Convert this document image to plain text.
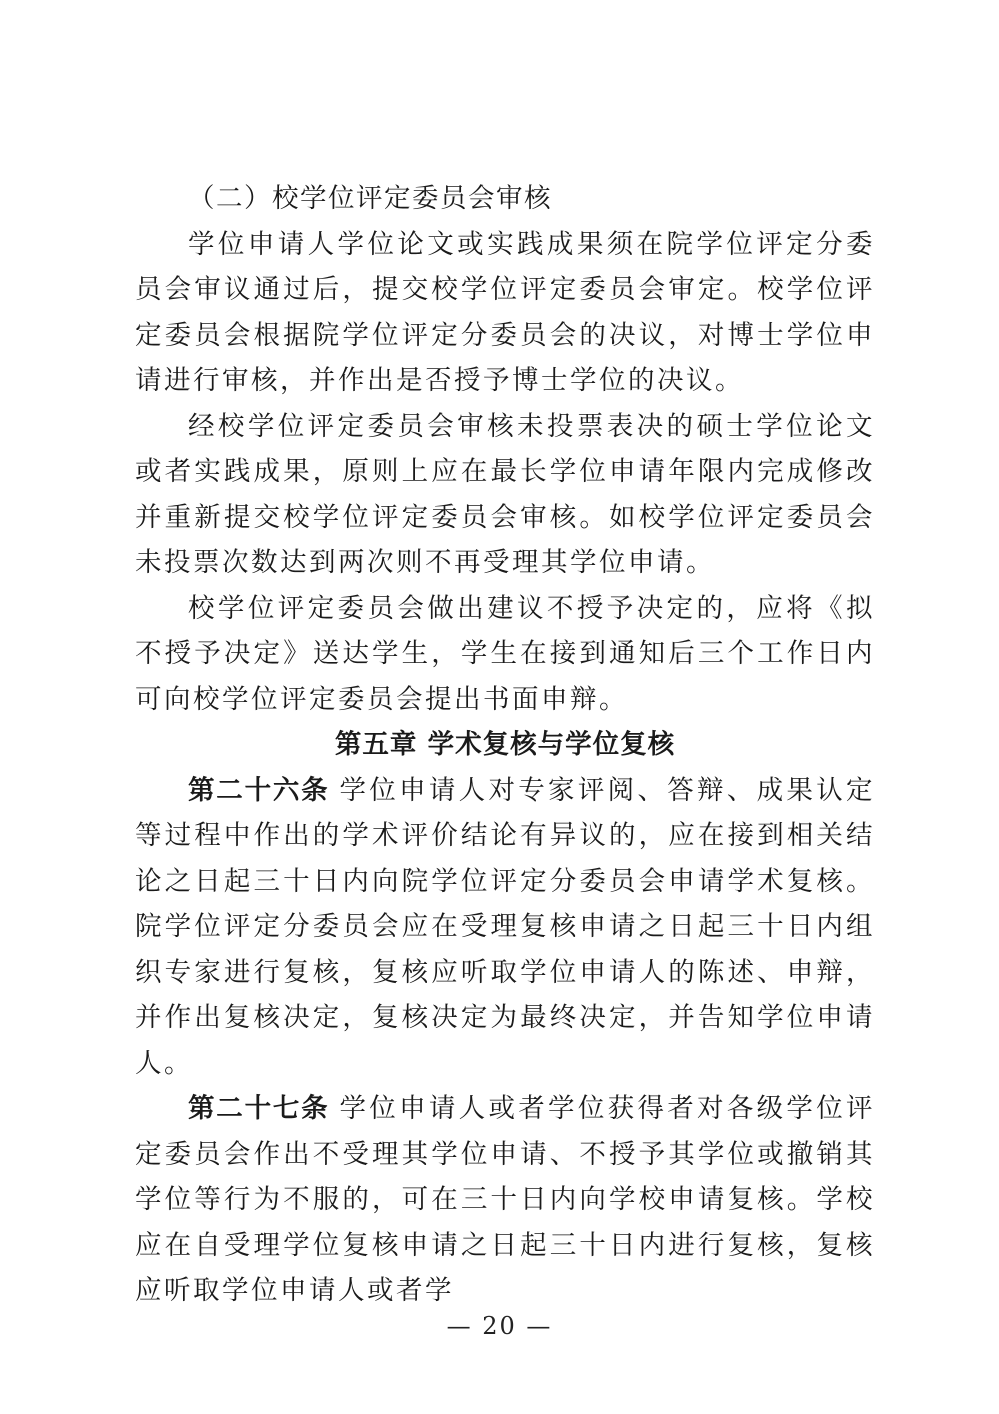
（二）校学位评定委员会审核

学位申请人学位论文或实践成果须在院学位评定分委员会审议通过后，提交校学位评定委员会审定。校学位评定委员会根据院学位评定分委员会的决议，对博士学位申请进行审核，并作出是否授予博士学位的决议。

经校学位评定委员会审核未投票表决的硕士学位论文或者实践成果，原则上应在最长学位申请年限内完成修改并重新提交校学位评定委员会审核。如校学位评定委员会未投票次数达到两次则不再受理其学位申请。

校学位评定委员会做出建议不授予决定的，应将《拟不授予决定》送达学生，学生在接到通知后三个工作日内可向校学位评定委员会提出书面申辩。

第五章 学术复核与学位复核

第二十六条 学位申请人对专家评阅、答辩、成果认定等过程中作出的学术评价结论有异议的，应在接到相关结论之日起三十日内向院学位评定分委员会申请学术复核。院学位评定分委员会应在受理复核申请之日起三十日内组织专家进行复核，复核应听取学位申请人的陈述、申辩，并作出复核决定，复核决定为最终决定，并告知学位申请人。

第二十七条 学位申请人或者学位获得者对各级学位评定委员会作出不受理其学位申请、不授予其学位或撤销其学位等行为不服的，可在三十日内向学校申请复核。学校应在自受理学位复核申请之日起三十日内进行复核，复核应听取学位申请人或者学

— 20 —
